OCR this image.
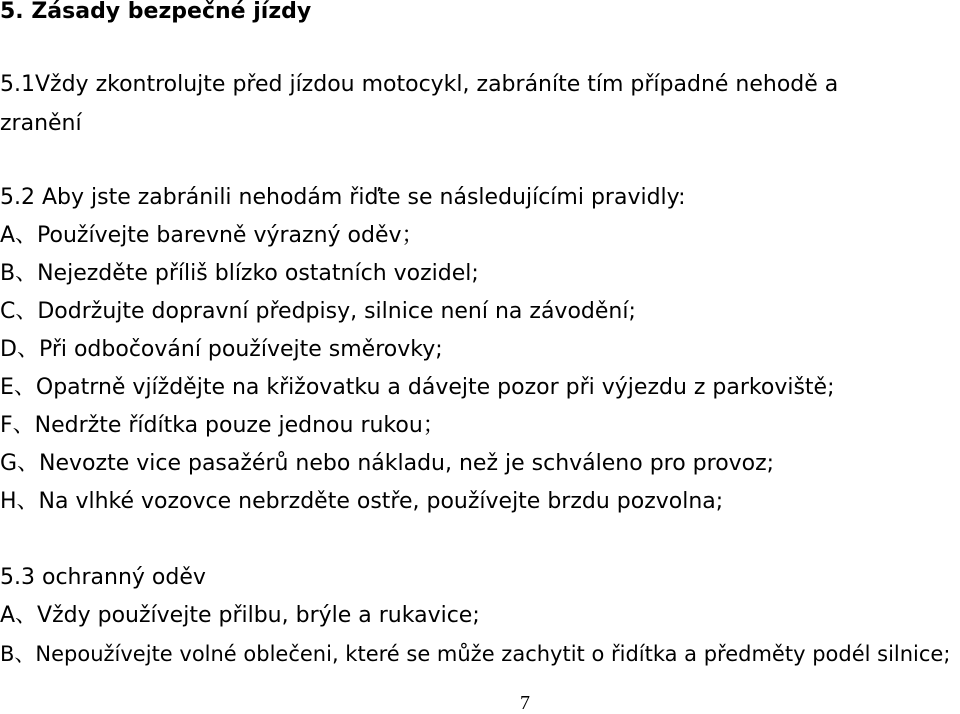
5. Zásady bezpečné jízdy

5.1Vždy zkontrolujte před jízdou motocykl, zabráníte tím případné nehodě a

zranění

5.2 Aby jste zabránili nehodám řiďte se následujícími pravidly:

A、Používejte barevně výrazný oděv；

B、Nejezděte příliš blízko ostatních vozidel;

C、Dodržujte dopravní předpisy, silnice není na závodění;

D、Při odbočování používejte směrovky;

E、Opatrně vjíždějte na křižovatku a dávejte pozor při výjezdu z parkoviště;

F、Nedržte řídítka pouze jednou rukou；

G、Nevozte vice pasažérů nebo nákladu, než je schváleno pro provoz;

H、Na vlhké vozovce nebrzděte ostře, používejte brzdu pozvolna;

5.3 ochranný oděv

A、Vždy používejte přilbu, brýle a rukavice;

B、Nepoužívejte volné oblečeni, které se může zachytit o řidítka a předměty podél silnice;

7
